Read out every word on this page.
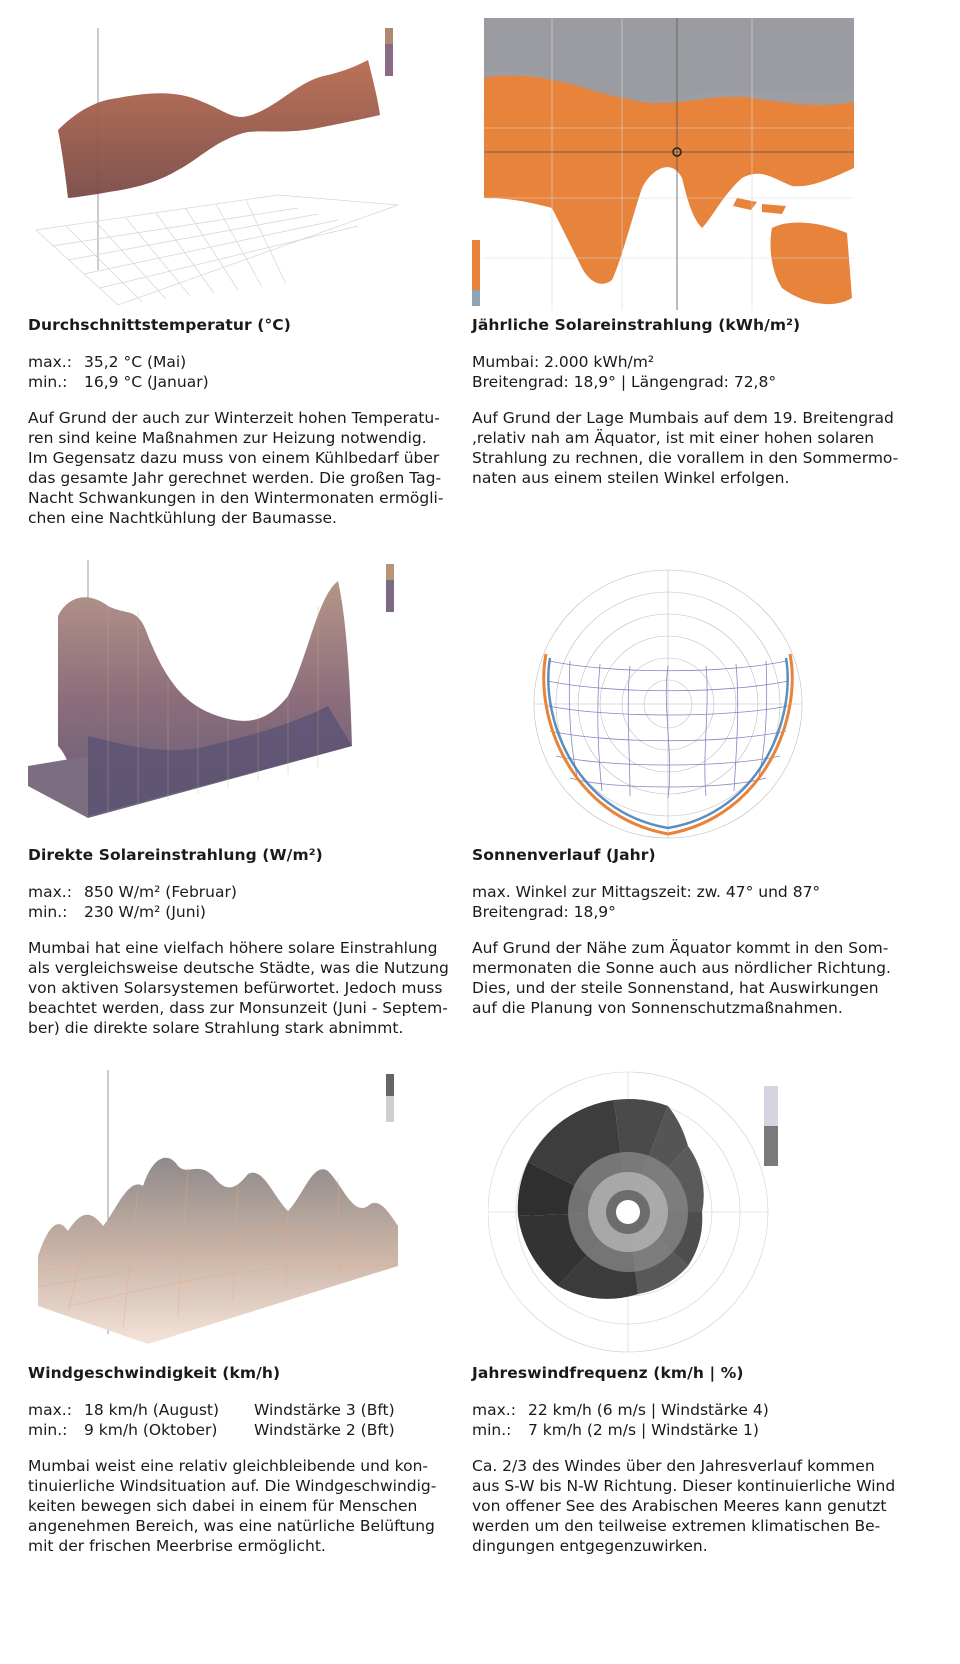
Durchschnittstemperatur (°C)
max.: 35,2 °C (Mai)
min.: 16,9 °C (Januar)
Auf Grund der auch zur Winterzeit hohen Temperatu-
ren sind keine Maßnahmen zur Heizung notwendig.
Im Gegensatz dazu muss von einem Kühlbedarf über
das gesamte Jahr gerechnet werden. Die großen Tag-
Nacht Schwankungen in den Wintermonaten ermögli-
chen eine Nachtkühlung der Baumasse.
Jährliche Solareinstrahlung (kWh/m²)
Mumbai: 2.000 kWh/m²
Breitengrad: 18,9° | Längengrad: 72,8°
Auf Grund der Lage Mumbais auf dem 19. Breitengrad
,relativ nah am Äquator, ist mit einer hohen solaren
Strahlung zu rechnen, die vorallem in den Sommermo-
naten aus einem steilen Winkel erfolgen.
Direkte Solareinstrahlung (W/m²)
max.: 850 W/m² (Februar)
min.: 230 W/m² (Juni)
Mumbai hat eine vielfach höhere solare Einstrahlung
als vergleichsweise deutsche Städte, was die Nutzung
von aktiven Solarsystemen befürwortet. Jedoch muss
beachtet werden, dass zur Monsunzeit (Juni - Septem-
ber) die direkte solare Strahlung stark abnimmt.
Sonnenverlauf (Jahr)
max. Winkel zur Mittagszeit: zw. 47° und 87°
Breitengrad: 18,9°
Auf Grund der Nähe zum Äquator kommt in den Som-
mermonaten die Sonne auch aus nördlicher Richtung.
Dies, und der steile Sonnenstand, hat Auswirkungen
auf die Planung von Sonnenschutzmaßnahmen.
Windgeschwindigkeit (km/h)
max.: 18 km/h (August) Windstärke 3 (Bft)
min.: 9 km/h (Oktober) Windstärke 2 (Bft)
Mumbai weist eine relativ gleichbleibende und kon-
tinuierliche Windsituation auf. Die Windgeschwindig-
keiten bewegen sich dabei in einem für Menschen
angenehmen Bereich, was eine natürliche Belüftung
mit der frischen Meerbrise ermöglicht.
Jahreswindfrequenz (km/h | %)
max.: 22 km/h (6 m/s | Windstärke 4)
min.: 7 km/h (2 m/s | Windstärke 1)
Ca. 2/3 des Windes über den Jahresverlauf kommen
aus S-W bis N-W Richtung. Dieser kontinuierliche Wind
von offener See des Arabischen Meeres kann genutzt
werden um den teilweise extremen klimatischen Be-
dingungen entgegenzuwirken.
